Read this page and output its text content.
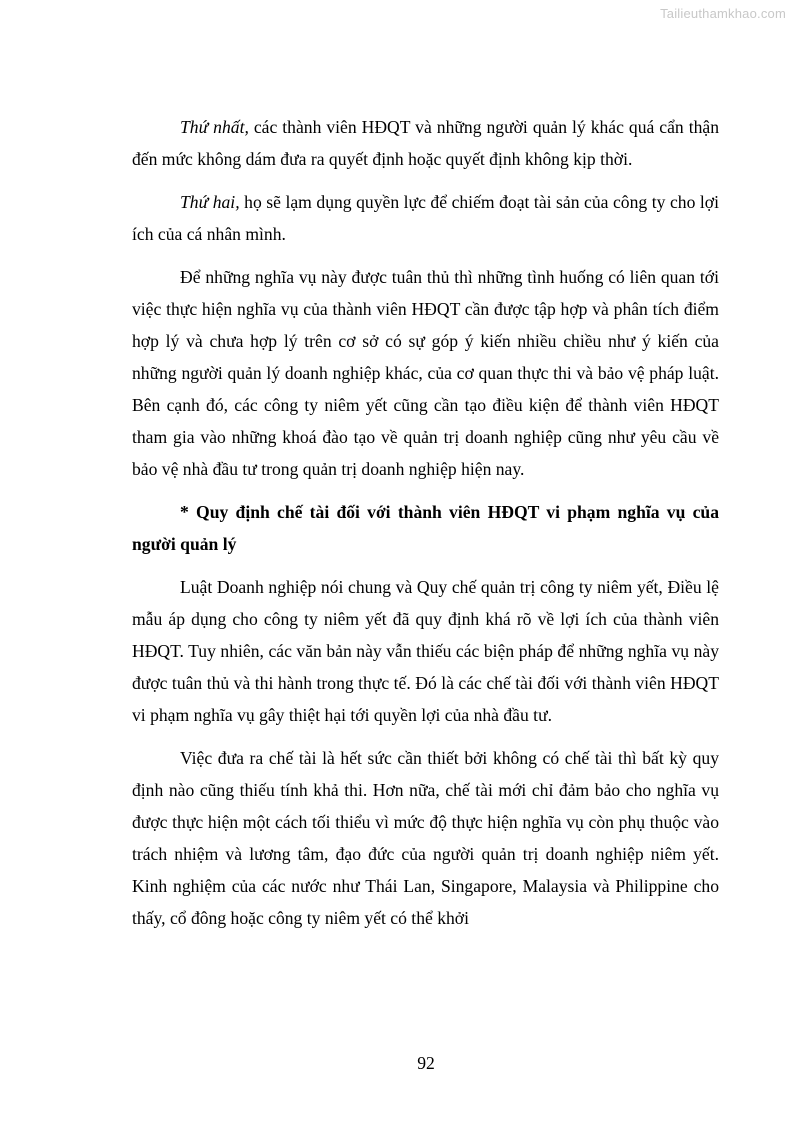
Tailieuthamkhao.com

Thứ nhất, các thành viên HĐQT và những người quản lý khác quá cẩn thận đến mức không dám đưa ra quyết định hoặc quyết định không kịp thời.

Thứ hai, họ sẽ lạm dụng quyền lực để chiếm đoạt tài sản của công ty cho lợi ích của cá nhân mình.

Để những nghĩa vụ này được tuân thủ thì những tình huống có liên quan tới việc thực hiện nghĩa vụ của thành viên HĐQT cần được tập hợp và phân tích điểm hợp lý và chưa hợp lý trên cơ sở có sự góp ý kiến nhiều chiều như ý kiến của những người quản lý doanh nghiệp khác, của cơ quan thực thi và bảo vệ pháp luật. Bên cạnh đó, các công ty niêm yết cũng cần tạo điều kiện để thành viên HĐQT tham gia vào những khoá đào tạo về quản trị doanh nghiệp cũng như yêu cầu về bảo vệ nhà đầu tư trong quản trị doanh nghiệp hiện nay.

* Quy định chế tài đối với thành viên HĐQT vi phạm nghĩa vụ của người quản lý

Luật Doanh nghiệp nói chung và Quy chế quản trị công ty niêm yết, Điều lệ mẫu áp dụng cho công ty niêm yết đã quy định khá rõ về lợi ích của thành viên HĐQT. Tuy nhiên, các văn bản này vẫn thiếu các biện pháp để những nghĩa vụ này được tuân thủ và thi hành trong thực tế. Đó là các chế tài đối với thành viên HĐQT vi phạm nghĩa vụ gây thiệt hại tới quyền lợi của nhà đầu tư.

Việc đưa ra chế tài là hết sức cần thiết bởi không có chế tài thì bất kỳ quy định nào cũng thiếu tính khả thi. Hơn nữa, chế tài mới chỉ đảm bảo cho nghĩa vụ được thực hiện một cách tối thiểu vì mức độ thực hiện nghĩa vụ còn phụ thuộc vào trách nhiệm và lương tâm, đạo đức của người quản trị doanh nghiệp niêm yết. Kinh nghiệm của các nước như Thái Lan, Singapore, Malaysia và Philippine cho thấy, cổ đông hoặc công ty niêm yết có thể khởi

92
